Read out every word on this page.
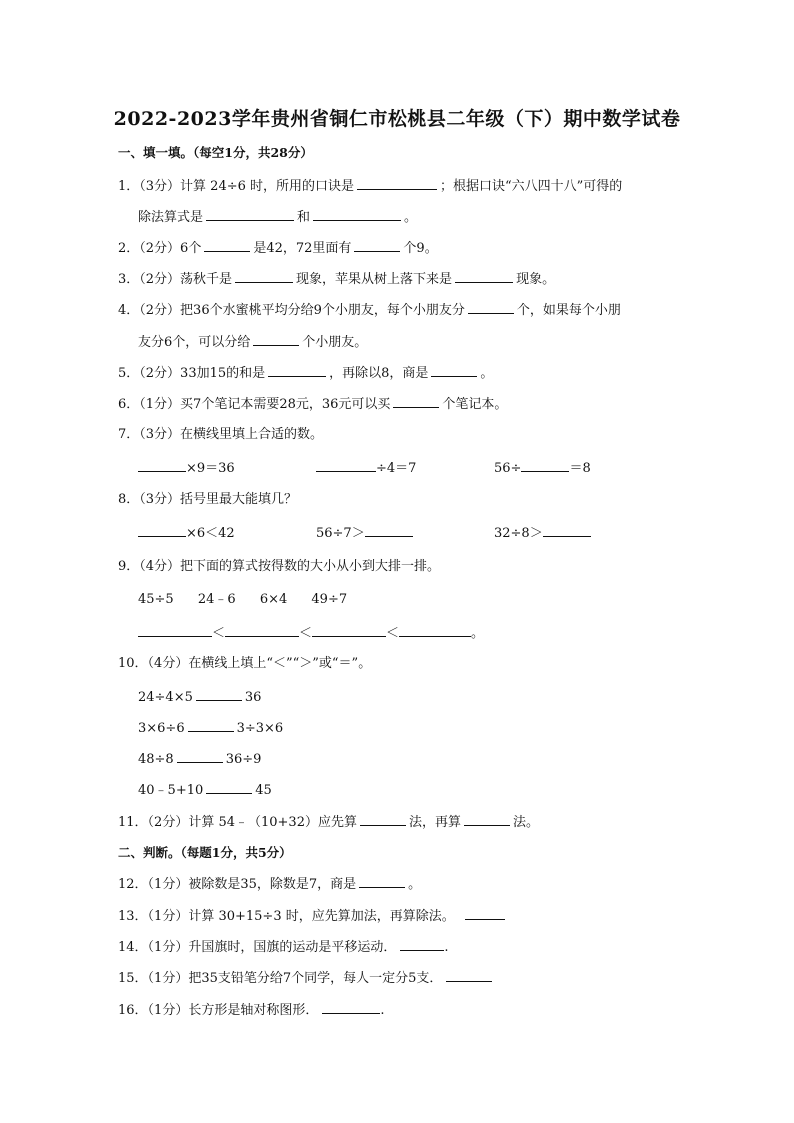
2022-2023学年贵州省铜仁市松桃县二年级（下）期中数学试卷
一、填一填。（每空1分，共28分）
1．（3分）计算 24÷6 时，所用的口诀是	；根据口诀“六八四十八”可得的
除法算式是	和	。
2．（2分）6个	是42，72里面有	个9。
3．（2分）荡秋千是	现象，苹果从树上落下来是	现象。
4．（2分）把36个水蜜桃平均分给9个小朋友，每个小朋友分	个，如果每个小朋
友分6个，可以分给	个小朋友。
5．（2分）33加15的和是	，再除以8，商是	。
6．（1分）买7个笔记本需要28元，36元可以买	个笔记本。
7．（3分）在横线里填上合适的数。
×9＝36	÷4＝7	56÷	＝8
8．（3分）括号里最大能填几？
×6＜42	56÷7＞	32÷8＞
9．（4分）把下面的算式按得数的大小从小到大排一排。
45÷5 24﹣6 6×4 49÷7
＜	＜	＜	。
10．（4分）在横线上填上“＜”“＞”或“＝”。
24÷4×5	36
3×6÷6	3÷3×6
48÷8	36÷9
40﹣5+10	45
11．（2分）计算 54﹣（10+32）应先算	法，再算	法。
二、判断。（每题1分，共5分）
12．（1分）被除数是35，除数是7，商是	。
13．（1分）计算 30+15÷3 时，应先算加法，再算除法。
14．（1分）升国旗时，国旗的运动是平移运动．	.
15．（1分）把35支铅笔分给7个同学，每人一定分5支．
16．（1分）长方形是轴对称图形．	.
